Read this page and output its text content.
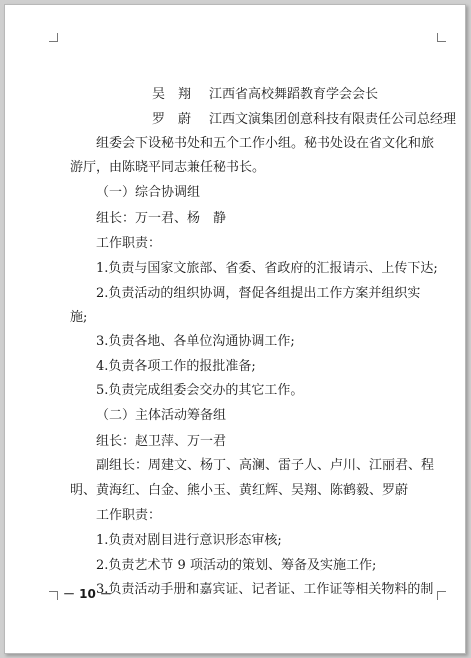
吴　翔 江西省高校舞蹈教育学会会长
罗　蔚 江西文演集团创意科技有限责任公司总经理
组委会下设秘书处和五个工作小组。秘书处设在省文化和旅
游厅，由陈晓平同志兼任秘书长。
（一）综合协调组
组长：万一君、杨　静
工作职责：
1.负责与国家文旅部、省委、省政府的汇报请示、上传下达;
2.负责活动的组织协调，督促各组提出工作方案并组织实
施;
3.负责各地、各单位沟通协调工作;
4.负责各项工作的报批准备;
5.负责完成组委会交办的其它工作。
（二）主体活动筹备组
组长：赵卫萍、万一君
副组长：周建文、杨丁、高澜、雷子人、卢川、江丽君、程
明、黄海红、白金、熊小玉、黄红辉、吴翔、陈鹤毅、罗蔚
工作职责：
1.负责对剧目进行意识形态审核;
2.负责艺术节 9 项活动的策划、筹备及实施工作;
3.负责活动手册和嘉宾证、记者证、工作证等相关物料的制
－ 10 －
